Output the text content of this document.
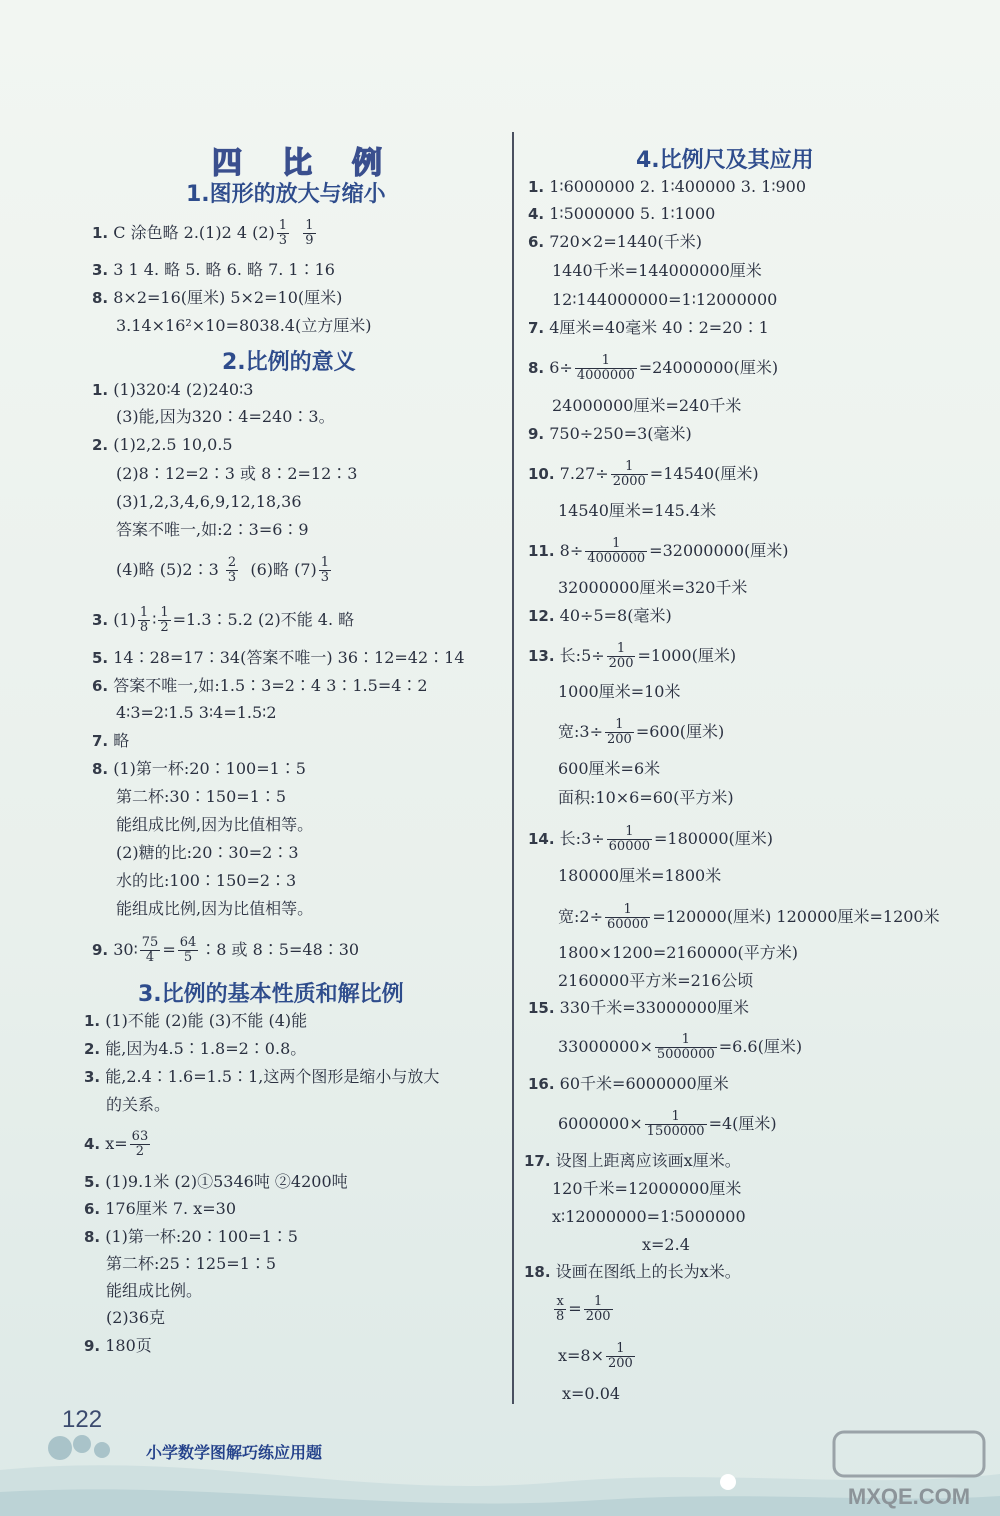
四比例
1.图形的放大与缩小
1. C 涂色略 2.(1)2 4 $(2) \frac{1}{3}$
$\frac{1}{9}$
3. 3 1 4. 略 5. 略 6. 略 7. 1∶16
8. 8×2=16(厘米) 5×2=10(厘米)
3.14×16²×10=8038.4(立方厘米)
2.比例的意义
1. (1)320∶4 (2)240∶3
(3)能,因为320∶4=240∶3。
2. (1)2,2.5 10,0.5
(2)8∶12=2∶3 或 8∶2=12∶3
(3)1,2,3,4,6,9,12,18,36
答案不唯一,如:2∶3=6∶9
(4)略 (5)2∶3 $\frac{2}{3} (6)$略 $(7) \frac{1}{3}$
3. $(1) \frac{1}{8}$ ∶ $\frac{1}{2}$ =1.3∶5.2 (2)不能 4. 略
5. 14∶28=17∶34(答案不唯一) 36∶12=42∶14
6. 答案不唯一,如:1.5∶3=2∶4 3∶1.5=4∶2
4∶3=2∶1.5 3∶4=1.5∶2
7. 略
8. (1)第一杯:20∶100=1∶5
第二杯:30∶150=1∶5
能组成比例,因为比值相等。
(2)糖的比:20∶30=2∶3
水的比:100∶150=2∶3
能组成比例,因为比值相等。
9. 30∶ $\frac{75}{4} = \frac{64}{5}$ ∶8 或 8∶5=48∶30
3.比例的基本性质和解比例
1. (1)不能 (2)能 (3)不能 (4)能
2. 能,因为4.5∶1.8=2∶0.8。
3. 能,2.4∶1.6=1.5∶1,这两个图形是缩小与放大
的关系。
4. $x= \frac{63}{2}$
5. (1)9.1米 (2)①5346吨 ②4200吨
6. 176厘米 7. x=30
8. (1)第一杯:20∶100=1∶5
第二杯:25∶125=1∶5
能组成比例。
(2)36克
9. 180页
4.比例尺及其应用
1. 1∶6000000 2. 1∶400000 3. 1∶900
4. 1∶5000000 5. 1∶1000
6. 720×2=1440(千米)
1440千米=144000000厘米
12∶144000000=1∶12000000
7. 4厘米=40毫米 40∶2=20∶1
8. $6\div \frac{1}{4000000} =24000000$(厘米)
24000000厘米=240千米
9. 750÷250=3(毫米)
10. $7.27\div \frac{1}{2000} =14540$(厘米)
14540厘米=145.4米
11. $8\div \frac{1}{4000000} =32000000$(厘米)
32000000厘米=320千米
12. 40÷5=8(毫米)
13. 长:5÷ $\frac{1}{200} =1000$(厘米)
1000厘米=10米
宽:3÷ $\frac{1}{200} =600$(厘米)
600厘米=6米
面积:10×6=60(平方米)
14. 长:3÷ $\frac{1}{60000} =180000$(厘米)
180000厘米=1800米
宽:2÷ $\frac{1}{60000} =120000$(厘米) 120000厘米=1200米
1800×1200=2160000(平方米)
2160000平方米=216公顷
15. 330千米=33000000厘米
$33000000\times \frac{1}{5000000} =6.6$(厘米)
16. 60千米=6000000厘米
$6000000\times \frac{1}{1500000} =4$(厘米)
17. 设图上距离应该画x厘米。
120千米=12000000厘米
x∶12000000=1∶5000000
x=2.4
18. 设画在图纸上的长为x米。
$\frac{x}{8} = \frac{1}{200}$
$x=8\times \frac{1}{200}$
x=0.04
122
小学数学图解巧练应用题
MXQE.COM
